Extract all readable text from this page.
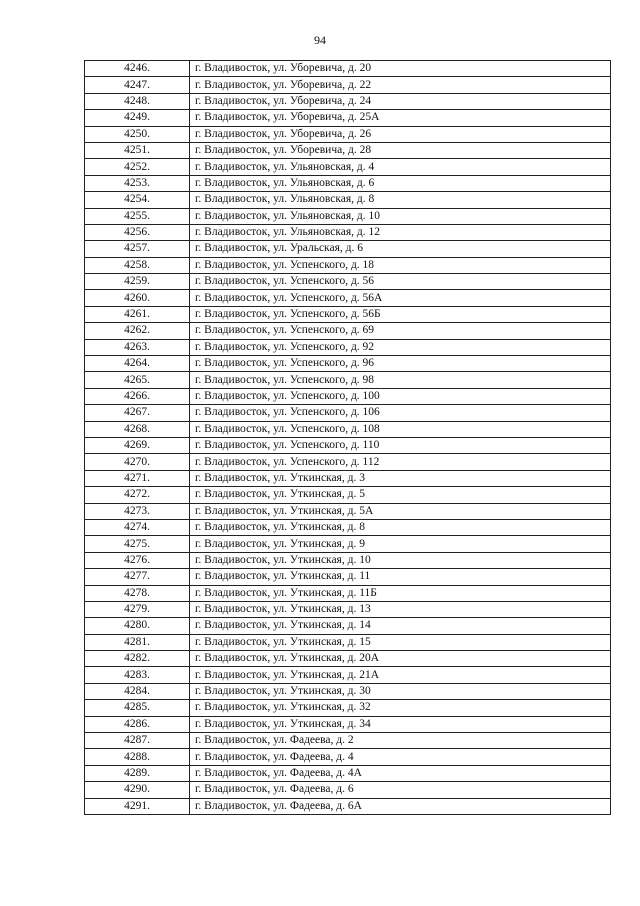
94
4246.	г. Владивосток, ул. Уборевича, д. 20
4247.	г. Владивосток, ул. Уборевича, д. 22
4248.	г. Владивосток, ул. Уборевича, д. 24
4249.	г. Владивосток, ул. Уборевича, д. 25А
4250.	г. Владивосток, ул. Уборевича, д. 26
4251.	г. Владивосток, ул. Уборевича, д. 28
4252.	г. Владивосток, ул. Ульяновская, д. 4
4253.	г. Владивосток, ул. Ульяновская, д. 6
4254.	г. Владивосток, ул. Ульяновская, д. 8
4255.	г. Владивосток, ул. Ульяновская, д. 10
4256.	г. Владивосток, ул. Ульяновская, д. 12
4257.	г. Владивосток, ул. Уральская, д. 6
4258.	г. Владивосток, ул. Успенского, д. 18
4259.	г. Владивосток, ул. Успенского, д. 56
4260.	г. Владивосток, ул. Успенского, д. 56А
4261.	г. Владивосток, ул. Успенского, д. 56Б
4262.	г. Владивосток, ул. Успенского, д. 69
4263.	г. Владивосток, ул. Успенского, д. 92
4264.	г. Владивосток, ул. Успенского, д. 96
4265.	г. Владивосток, ул. Успенского, д. 98
4266.	г. Владивосток, ул. Успенского, д. 100
4267.	г. Владивосток, ул. Успенского, д. 106
4268.	г. Владивосток, ул. Успенского, д. 108
4269.	г. Владивосток, ул. Успенского, д. 110
4270.	г. Владивосток, ул. Успенского, д. 112
4271.	г. Владивосток, ул. Уткинская, д. 3
4272.	г. Владивосток, ул. Уткинская, д. 5
4273.	г. Владивосток, ул. Уткинская, д. 5А
4274.	г. Владивосток, ул. Уткинская, д. 8
4275.	г. Владивосток, ул. Уткинская, д. 9
4276.	г. Владивосток, ул. Уткинская, д. 10
4277.	г. Владивосток, ул. Уткинская, д. 11
4278.	г. Владивосток, ул. Уткинская, д. 11Б
4279.	г. Владивосток, ул. Уткинская, д. 13
4280.	г. Владивосток, ул. Уткинская, д. 14
4281.	г. Владивосток, ул. Уткинская, д. 15
4282.	г. Владивосток, ул. Уткинская, д. 20А
4283.	г. Владивосток, ул. Уткинская, д. 21А
4284.	г. Владивосток, ул. Уткинская, д. 30
4285.	г. Владивосток, ул. Уткинская, д. 32
4286.	г. Владивосток, ул. Уткинская, д. 34
4287.	г. Владивосток, ул. Фадеева, д. 2
4288.	г. Владивосток, ул. Фадеева, д. 4
4289.	г. Владивосток, ул. Фадеева, д. 4А
4290.	г. Владивосток, ул. Фадеева, д. 6
4291.	г. Владивосток, ул. Фадеева, д. 6А
